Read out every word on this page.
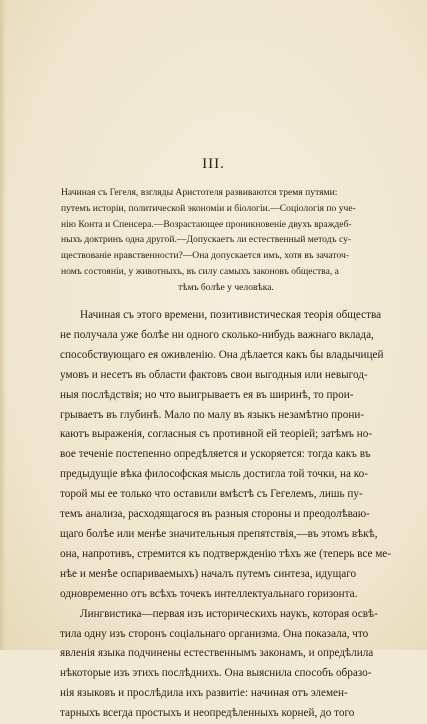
III.
Начиная съ Гегеля, взгляды Аристотеля развиваются тремя путями:
путемъ исторіи, политической экономіи и біологіи.—Соціологія по уче-
нію Конта и Спенсера.—Возрастающее проникновеніе двухъ враждеб-
ныхъ доктринъ одна другой.—Допускаетъ ли естественный методъ су-
ществованіе нравственности?—Она допускается имъ, хотя въ зачаточ-
номъ состояніи, у животныхъ, въ силу самыхъ законовъ общества, а
тѣмъ болѣе у человѣка.
Начиная съ этого времени, позитивистическая теорія общества
не получала уже болѣе ни одного сколько-нибудь важнаго вклада,
способствующаго ея оживленію. Она дѣлается какъ бы владычицей
умовъ и несетъ въ области фактовъ свои выгодныя или невыгод-
ныя послѣдствія; но что выигрываетъ ея въ ширинѣ, то прои-
грываетъ въ глубинѣ. Мало по малу въ языкъ незамѣтно прони-
каютъ выраженія, согласныя съ противной ей теоріей; затѣмъ но-
вое теченіе постепенно опредѣляется и ускоряется: тогда какъ въ
предыдущіе вѣка философская мысль достигла той точки, на ко-
торой мы ее только что оставили вмѣстѣ съ Гегелемъ, лишь пу-
темъ анализа, расходящагося въ разныя стороны и преодолѣваю-
щаго болѣе или менѣе значительныя препятствія,—въ этомъ вѣкѣ,
она, напротивъ, стремится къ подтвержденію тѣхъ же (теперь все ме-
нѣе и менѣе оспариваемыхъ) началъ путемъ синтеза, идущаго
одновременно отъ всѣхъ точекъ интеллектуальнаго горизонта.
Лингвистика—первая изъ историческихъ наукъ, которая освѣ-
тила одну изъ сторонъ соціальнаго организма. Она показала, что
явленія языка подчинены естественнымъ законамъ, и опредѣлила
нѣкоторые изъ этихъ послѣднихъ. Она выяснила способъ образо-
нія языковъ и прослѣдила ихъ развитіе: начиная отъ элемен-
тарныхъ всегда простыхъ и неопредѣленныхъ корней, до того
